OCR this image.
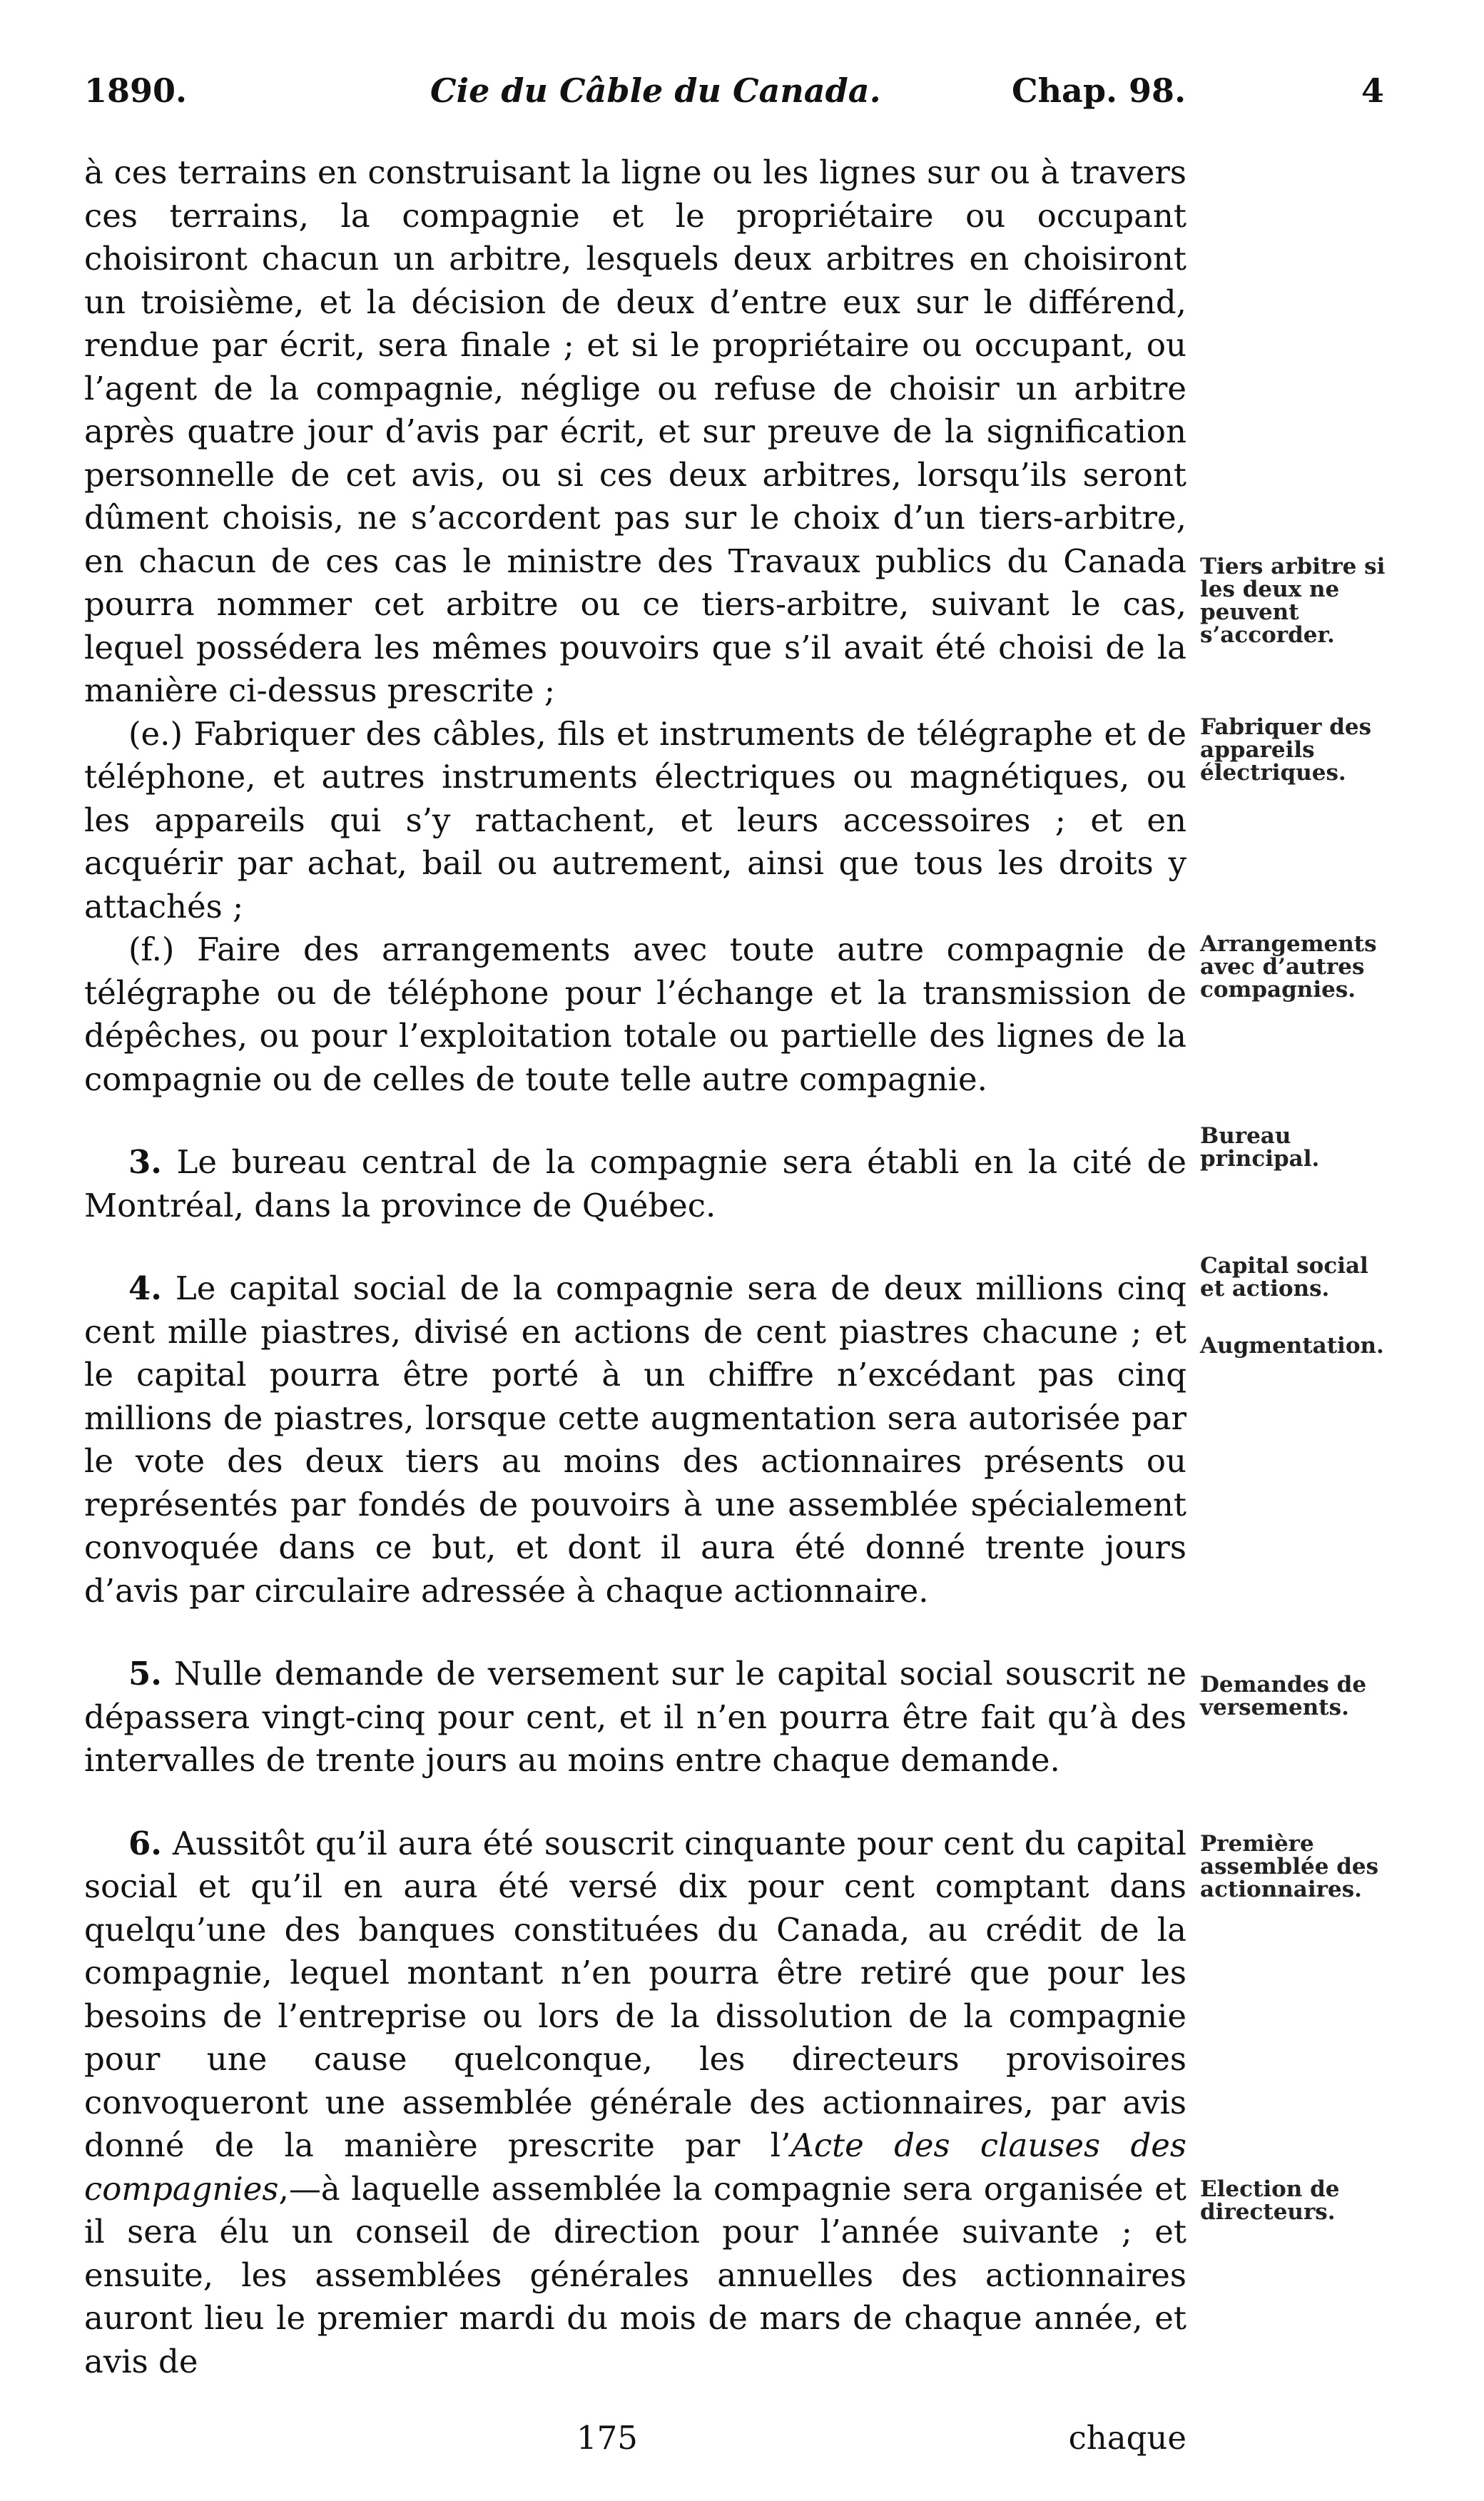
1890.	Cie du Câble du Canada.	Chap. 98.	4

à ces terrains en construisant la ligne ou les lignes sur ou à travers ces terrains, la compagnie et le propriétaire ou occupant choisiront chacun un arbitre, lesquels deux arbitres en choisiront un troisième, et la décision de deux d’entre eux sur le différend, rendue par écrit, sera finale ; et si le propriétaire ou occupant, ou l’agent de la compagnie, néglige ou refuse de choisir un arbitre après quatre jour d’avis par écrit, et sur preuve de la signification personnelle de cet avis, ou si ces deux arbitres, lorsqu’ils seront dûment choisis, ne s’accordent pas sur le choix d’un tiers-arbitre, en chacun de ces cas le ministre des Travaux publics du Canada pourra nommer cet arbitre ou ce tiers-arbitre, suivant le cas, lequel possédera les mêmes pouvoirs que s’il avait été choisi de la manière ci-dessus prescrite ;

(e.) Fabriquer des câbles, fils et instruments de télégraphe et de téléphone, et autres instruments électriques ou magnétiques, ou les appareils qui s’y rattachent, et leurs accessoires ; et en acquérir par achat, bail ou autrement, ainsi que tous les droits y attachés ;

(f.) Faire des arrangements avec toute autre compagnie de télégraphe ou de téléphone pour l’échange et la transmission de dépêches, ou pour l’exploitation totale ou partielle des lignes de la compagnie ou de celles de toute telle autre compagnie.

3. Le bureau central de la compagnie sera établi en la cité de Montréal, dans la province de Québec.

4. Le capital social de la compagnie sera de deux millions cinq cent mille piastres, divisé en actions de cent piastres chacune ; et le capital pourra être porté à un chiffre n’excédant pas cinq millions de piastres, lorsque cette augmentation sera autorisée par le vote des deux tiers au moins des actionnaires présents ou représentés par fondés de pouvoirs à une assemblée spécialement convoquée dans ce but, et dont il aura été donné trente jours d’avis par circulaire adressée à chaque actionnaire.

5. Nulle demande de versement sur le capital social souscrit ne dépassera vingt-cinq pour cent, et il n’en pourra être fait qu’à des intervalles de trente jours au moins entre chaque demande.

6. Aussitôt qu’il aura été souscrit cinquante pour cent du capital social et qu’il en aura été versé dix pour cent comptant dans quelqu’une des banques constituées du Canada, au crédit de la compagnie, lequel montant n’en pourra être retiré que pour les besoins de l’entreprise ou lors de la dissolution de la compagnie pour une cause quelconque, les directeurs provisoires convoqueront une assemblée générale des actionnaires, par avis donné de la manière prescrite par l’Acte des clauses des compagnies,—à laquelle assemblée la compagnie sera organisée et il sera élu un conseil de direction pour l’année suivante ; et ensuite, les assemblées générales annuelles des actionnaires auront lieu le premier mardi du mois de mars de chaque année, et avis de

Tiers arbitre si les deux ne peuvent s’accorder.
Fabriquer des appareils électriques.
Arrangements avec d’autres compagnies.
Bureau principal.
Capital social et actions.
Augmentation.
Demandes de versements.
Première assemblée des actionnaires.
Election de directeurs.
175	chaque
